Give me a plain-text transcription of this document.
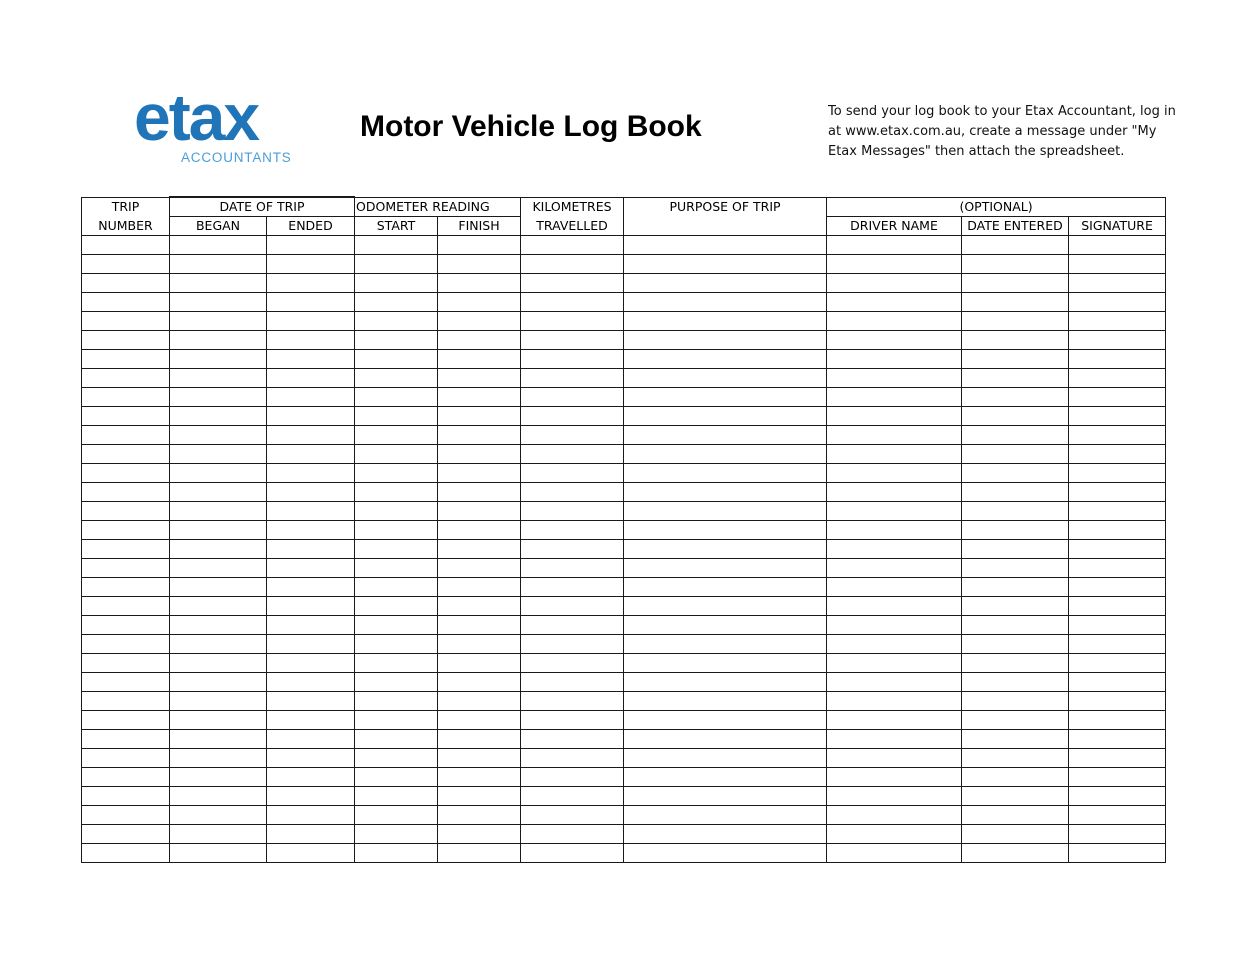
etax
ACCOUNTANTS
Motor Vehicle Log Book	To send your log book to your Etax Accountant, log in
at www.etax.com.au, create a message under "My
Etax Messages" then attach the spreadsheet.
TRIP	DATE OF TRIP		ODOMETER READING		KILOMETRES	PURPOSE OF TRIP	(OPTIONAL)		
NUMBER	BEGAN	ENDED	START	FINISH	TRAVELLED		DRIVER NAME	DATE ENTERED	SIGNATURE
